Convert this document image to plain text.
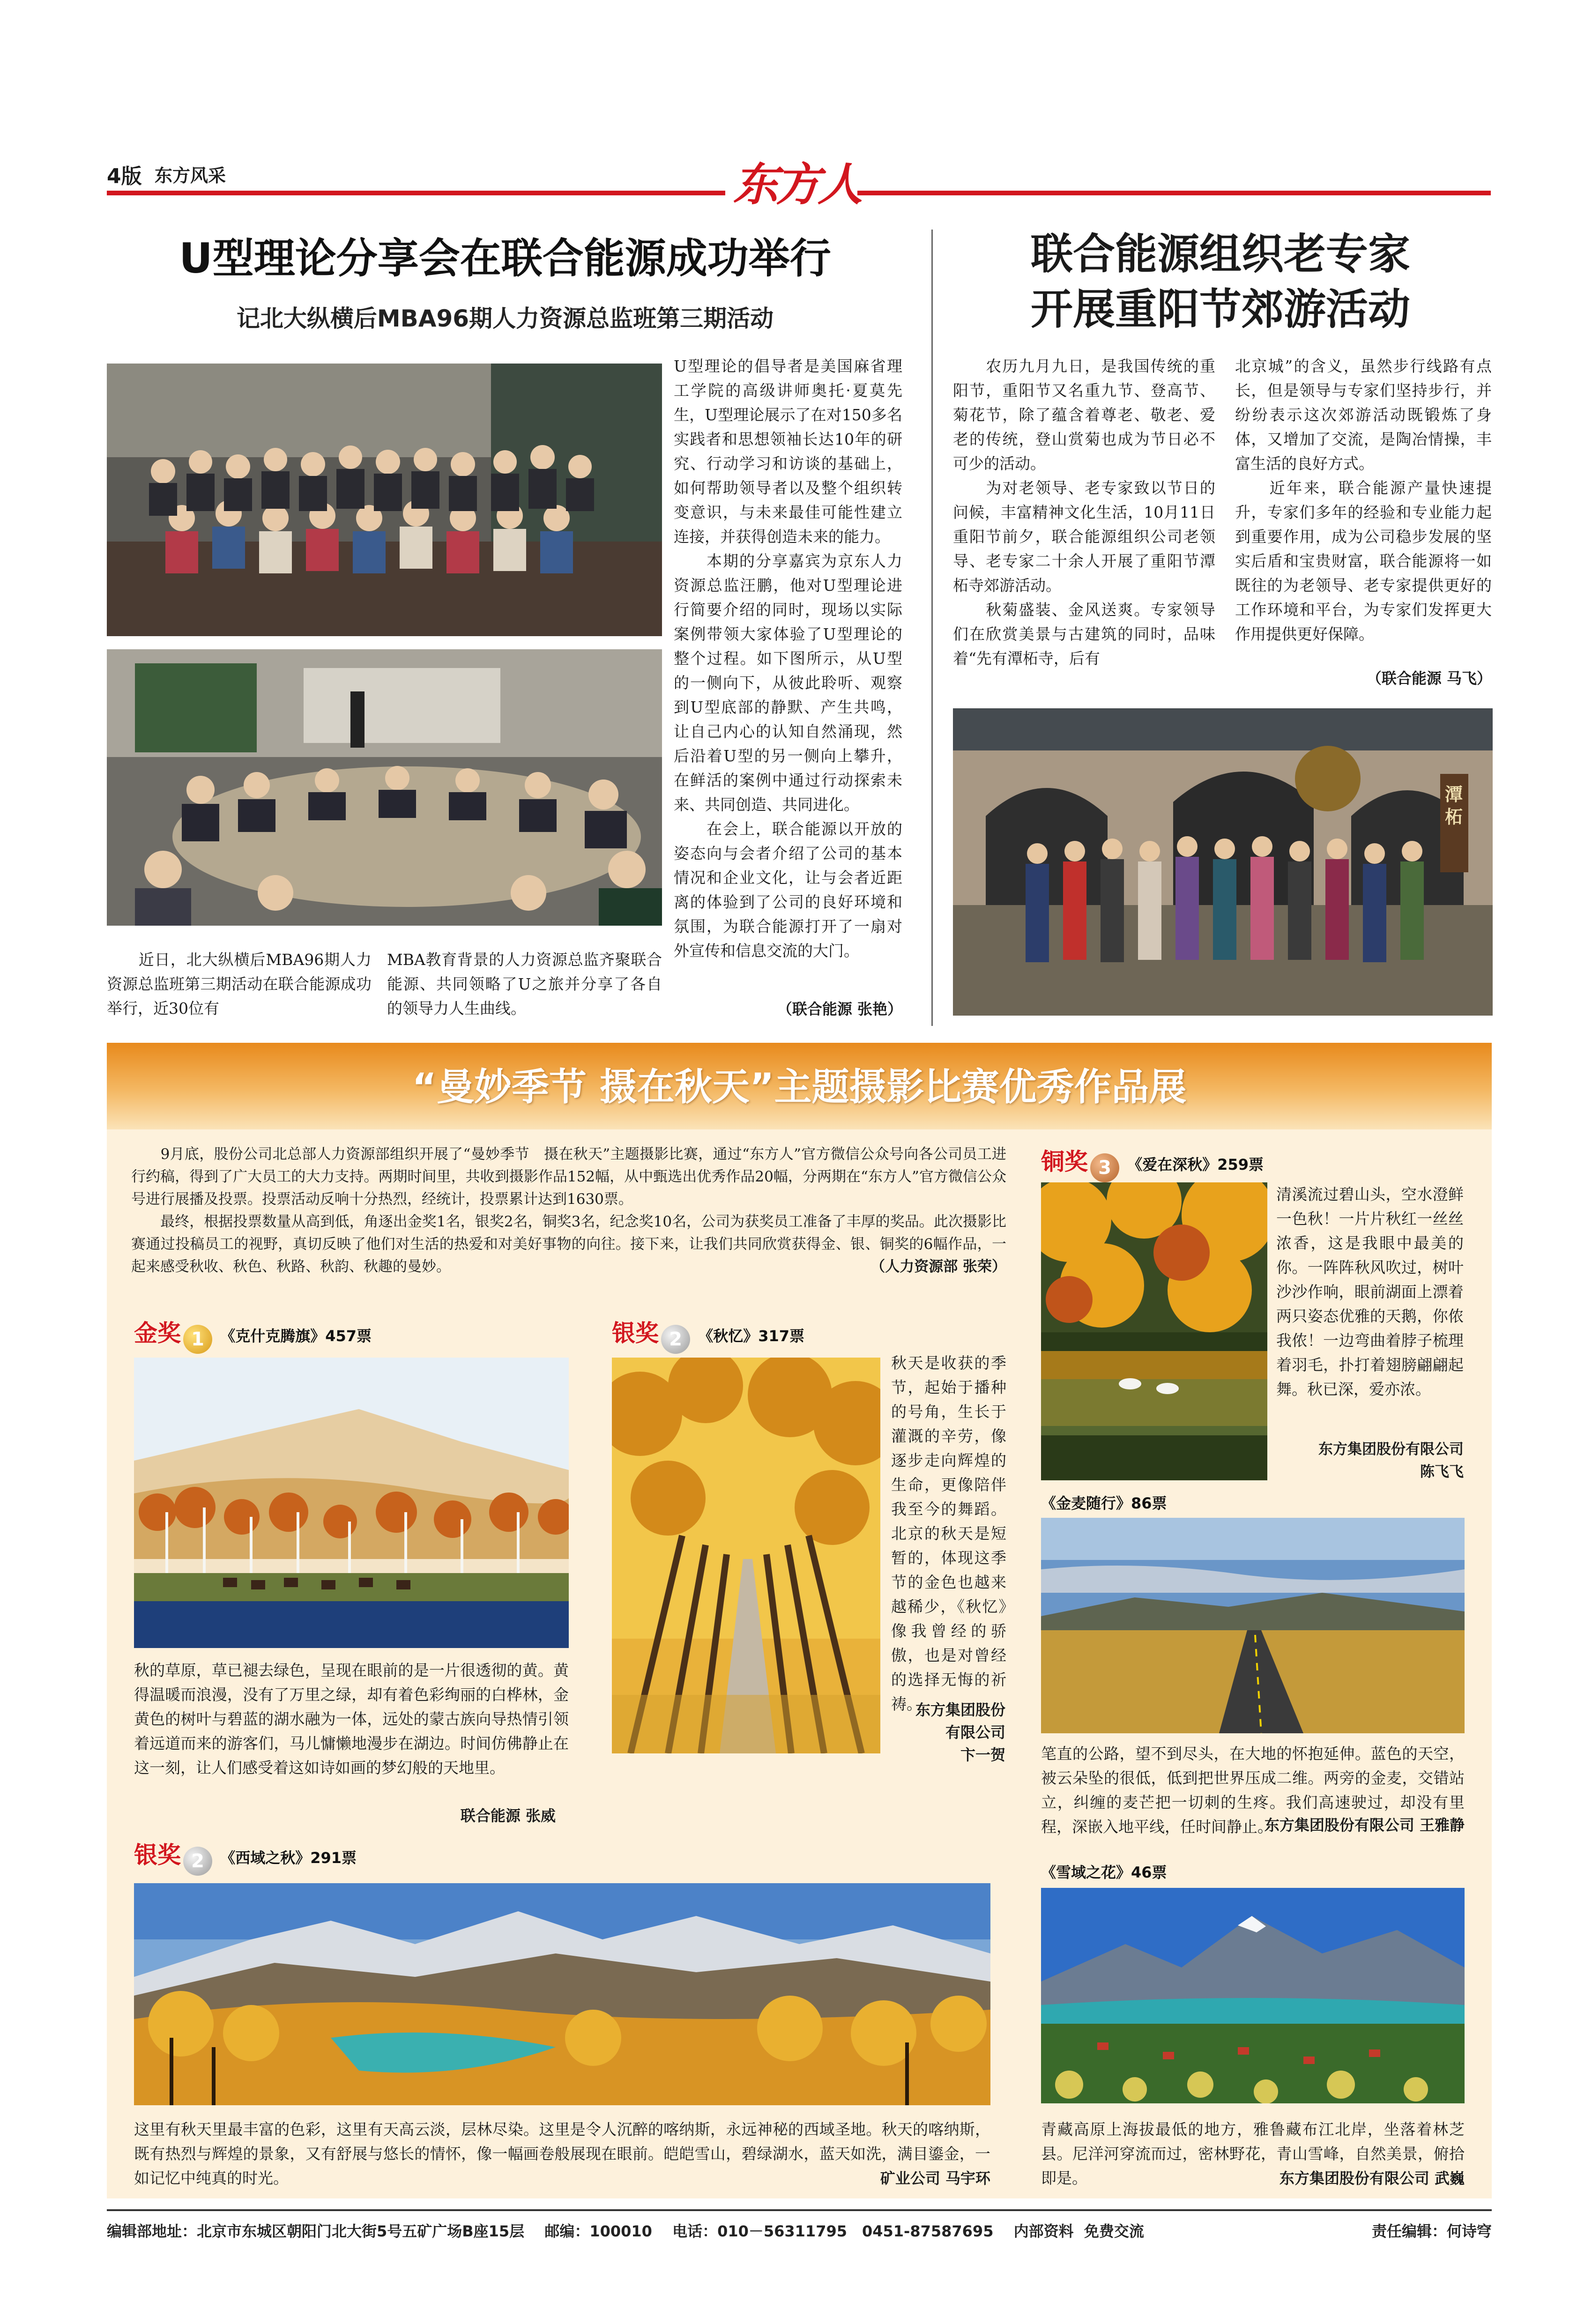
4版 东方风采	东方人
U型理论分享会在联合能源成功举行
记北大纵横后MBA96期人力资源总监班第三期活动
U型理论的倡导者是美国麻省理工学院的高级讲师奥托·夏莫先生，U型理论展示了在对150多名实践者和思想领袖长达10年的研究、行动学习和访谈的基础上，如何帮助领导者以及整个组织转变意识，与未来最佳可能性建立连接，并获得创造未来的能力。
　　本期的分享嘉宾为京东人力资源总监汪鹏，他对U型理论进行简要介绍的同时，现场以实际案例带领大家体验了U型理论的整个过程。如下图所示，从U型的一侧向下，从彼此聆听、观察到U型底部的静默、产生共鸣，让自己内心的认知自然涌现，然后沿着U型的另一侧向上攀升，在鲜活的案例中通过行动探索未来、共同创造、共同进化。
　　在会上，联合能源以开放的姿态向与会者介绍了公司的基本情况和企业文化，让与会者近距离的体验到了公司的良好环境和氛围，为联合能源打开了一扇对外宣传和信息交流的大门。
（联合能源 张艳）
　　近日，北大纵横后MBA96期人力资源总监班第三期活动在联合能源成功举行，近30位有
MBA教育背景的人力资源总监齐聚联合能源、共同领略了U之旅并分享了各自的领导力人生曲线。
联合能源组织老专家
开展重阳节郊游活动
　　农历九月九日，是我国传统的重阳节，重阳节又名重九节、登高节、菊花节，除了蕴含着尊老、敬老、爱老的传统，登山赏菊也成为节日必不可少的活动。
　　为对老领导、老专家致以节日的问候，丰富精神文化生活，10月11日重阳节前夕，联合能源组织公司老领导、老专家二十余人开展了重阳节潭柘寺郊游活动。
　　秋菊盛装、金风送爽。专家领导们在欣赏美景与古建筑的同时，品味着“先有潭柘寺，后有
北京城”的含义，虽然步行线路有点长，但是领导与专家们坚持步行，并纷纷表示这次郊游活动既锻炼了身体，又增加了交流，是陶冶情操，丰富生活的良好方式。
　　近年来，联合能源产量快速提升，专家们多年的经验和专业能力起到重要作用，成为公司稳步发展的坚实后盾和宝贵财富，联合能源将一如既往的为老领导、老专家提供更好的工作环境和平台，为专家们发挥更大作用提供更好保障。
（联合能源 马飞）
潭柘
“曼妙季节 摄在秋天”主题摄影比赛优秀作品展
　　9月底，股份公司北总部人力资源部组织开展了“曼妙季节　摄在秋天”主题摄影比赛，通过“东方人”官方微信公众号向各公司员工进行约稿，得到了广大员工的大力支持。两期时间里，共收到摄影作品152幅，从中甄选出优秀作品20幅，分两期在“东方人”官方微信公众号进行展播及投票。投票活动反响十分热烈，经统计，投票累计达到1630票。
　　最终，根据投票数量从高到低，角逐出金奖1名，银奖2名，铜奖3名，纪念奖10名，公司为获奖员工准备了丰厚的奖品。此次摄影比赛通过投稿员工的视野，真切反映了他们对生活的热爱和对美好事物的向往。接下来，让我们共同欣赏获得金、银、铜奖的6幅作品，一起来感受秋收、秋色、秋路、秋韵、秋趣的曼妙。	（人力资源部 张荣）
金奖 1	《克什克腾旗》457票
秋的草原，草已褪去绿色，呈现在眼前的是一片很透彻的黄。黄得温暖而浪漫，没有了万里之绿，却有着色彩绚丽的白桦林，金黄色的树叶与碧蓝的湖水融为一体，远处的蒙古族向导热情引领着远道而来的游客们，马儿慵懒地漫步在湖边。时间仿佛静止在这一刻，让人们感受着这如诗如画的梦幻般的天地里。
联合能源 张威
银奖 2	《秋忆》317票
秋天是收获的季节，起始于播种的号角，生长于灌溉的辛劳，像逐步走向辉煌的生命，更像陪伴我至今的舞蹈。北京的秋天是短暂的，体现这季节的金色也越来越稀少，《秋忆》像我曾经的骄傲，也是对曾经的选择无悔的祈祷。
东方集团股份
有限公司
卞一贺
银奖 2	《西域之秋》291票
这里有秋天里最丰富的色彩，这里有天高云淡，层林尽染。这里是令人沉醉的喀纳斯，永远神秘的西域圣地。秋天的喀纳斯，既有热烈与辉煌的景象，又有舒展与悠长的情怀，像一幅画卷般展现在眼前。皑皑雪山，碧绿湖水，蓝天如洗，满目鎏金，一如记忆中纯真的时光。	矿业公司 马宇环
铜奖 3	《爱在深秋》259票
清溪流过碧山头，空水澄鲜一色秋！一片片秋红一丝丝浓香，这是我眼中最美的你。一阵阵秋风吹过，树叶沙沙作响，眼前湖面上漂着两只姿态优雅的天鹅，你侬我侬！一边弯曲着脖子梳理着羽毛，扑打着翅膀翩翩起舞。秋已深，爱亦浓。
东方集团股份有限公司
陈飞飞
《金麦随行》86票
笔直的公路，望不到尽头，在大地的怀抱延伸。蓝色的天空，被云朵坠的很低，低到把世界压成二维。两旁的金麦，交错站立，纠缠的麦芒把一切刺的生疼。我们高速驶过，却没有里程，深嵌入地平线，任时间静止。
东方集团股份有限公司 王雅静
《雪域之花》46票
青藏高原上海拔最低的地方，雅鲁藏布江北岸，坐落着林芝县。尼洋河穿流而过，密林野花，青山雪峰，自然美景，俯拾即是。	东方集团股份有限公司 武巍
编辑部地址：北京市东城区朝阳门北大街5号五矿广场B座15层　 邮编：100010　 电话：010－56311795　0451-87587695　 内部资料  免费交流	责任编辑：何诗穹
